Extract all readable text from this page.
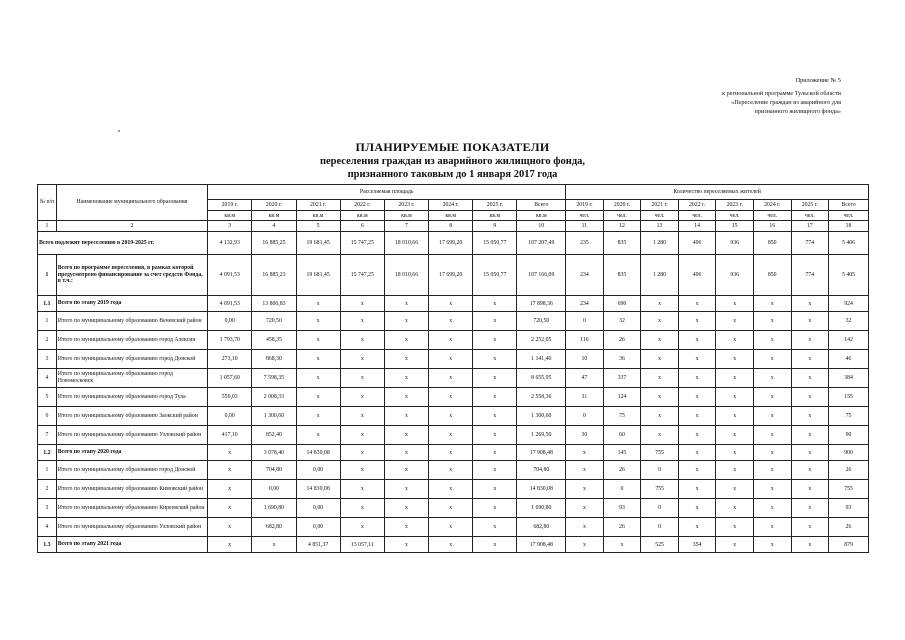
Приложение № 5
к региональной программе Тульской области
«Переселение граждан из аварийного для
признанного жилищного фонда»
ПЛАНИРУЕМЫЕ ПОКАЗАТЕЛИ
переселения граждан из аварийного жилищного фонда,
признанного таковым до 1 января 2017 года
№ п/п	Наименование муниципального образования	Расселяемая площадь								Количество переселяемых жителей							
		2019 г.	2020 г.	2021 г.	2022 г.	2023 г.	2024 г.	2025 г.	Всего	2019 г.	2020 г.	2021 г.	2022 г.	2023 г.	2024 г.	2025 г.	Всего
		кв.м	кв.м	кв.м	кв.м	кв.м	кв.м	кв.м	кв.м	чел.	чел.	чел.	чел.	чел.	чел.	чел.	чел.
1	2	3	4	5	6	7	8	9	10	11	12	13	14	15	16	17	18
Всего подлежит переселению в 2019-2025 гг.		4 132,93	16 885,25	19 681,45	15 747,25	18 010,66	17 699,20	15 050,77	107 207,49	235	835	1 280	496	936	850	774	5 406
1	Всего по программе переселения, в рамках которой предусмотрено финансирование за счет средств Фонда, в т.ч.:	4 091,53	16 885,23	19 681,45	15 747,25	18 010,66	17 699,20	15 050,77	107 166,09	234	835	1 280	496	936	850	774	5 405
1.1	Всего по этапу 2019 года	4 091,53	13 806,83	х	х	х	х	х	17 898,36	234	690	х	х	х	х	х	924
1	Итого по муниципальному образованию Веневский район	0,00	720,50	х	х	х	х	х	720,50	0	32	х	х	х	х	х	32
2	Итого по муниципальному образованию город Алексин	1 793,70	458,35	х	х	х	х	х	2 252,05	116	26	х	х	х	х	х	142
3	Итого по муниципальному образованию город Донской	273,10	868,30	х	х	х	х	х	1 141,40	10	36	х	х	х	х	х	46
4	Итого по муниципальному образованию город Новомосковск	1 057,60	7 598,35	х	х	х	х	х	8 655,95	47	337	х	х	х	х	х	384
5	Итого по муниципальному образованию город Тула	550,03	2 008,33	х	х	х	х	х	2 558,36	31	124	х	х	х	х	х	155
6	Итого по муниципальному образованию Заокский район	0,00	1 300,60	х	х	х	х	х	1 300,60	0	75	х	х	х	х	х	75
7	Итого по муниципальному образованию Узловский район	417,10	852,40	х	х	х	х	х	1 269,50	30	60	х	х	х	х	х	90
1.2	Всего по этапу 2020 года	х	3 078,40	14 830,08	х	х	х	х	17 908,48	х	145	755	х	х	х	х	900
1	Итого по муниципальному образованию город Донской	х	704,80	0,00	х	х	х	х	704,80	х	26	0	х	х	х	х	26
2	Итого по муниципальному образованию Кимовский район	х	0,00	14 830,08	х	х	х	х	14 830,08	х	0	755	х	х	х	х	755
3	Итого по муниципальному образованию Киреевский район	х	1 690,80	0,00	х	х	х	х	1 690,80	х	93	0	х	х	х	х	93
4	Итого по муниципальному образованию Узловский район	х	682,80	0,00	х	х	х	х	682,80	х	26	0	х	х	х	х	26
1.3	Всего по этапу 2021 года	х	х	4 851,37	13 057,11	х	х	х	17 908,48	х	х	525	354	х	х	х	879
